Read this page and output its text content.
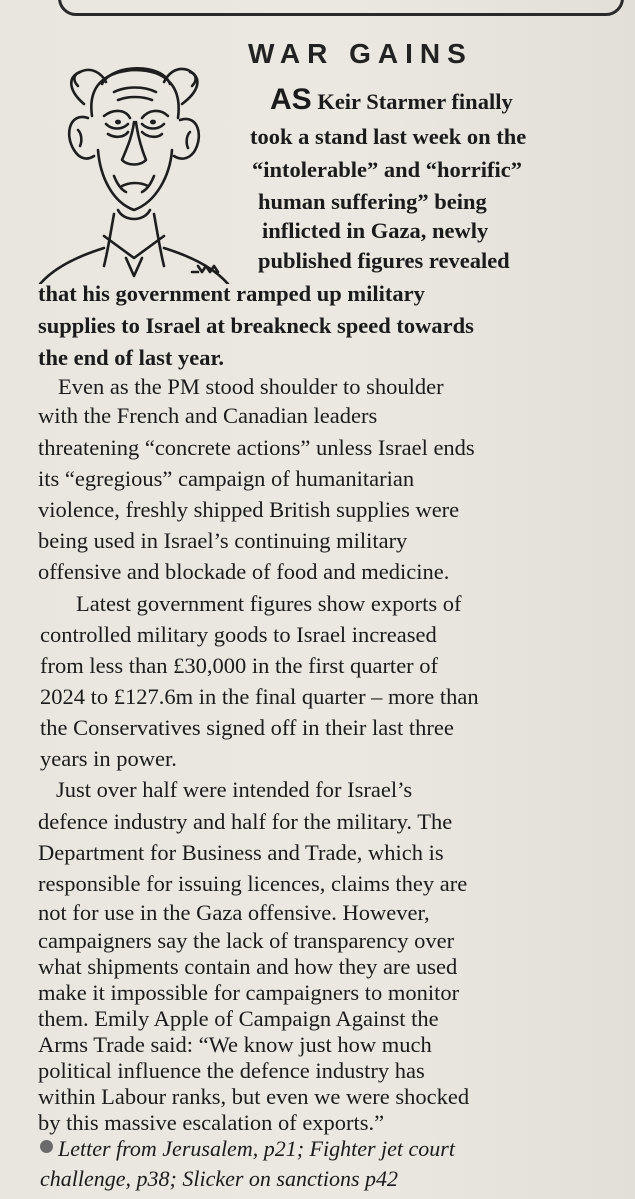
WAR GAINS
AS Keir Starmer finally
took a stand last week on the
“intolerable” and “horrific”
human suffering” being
inflicted in Gaza, newly
published figures revealed
that his government ramped up military
supplies to Israel at breakneck speed towards
the end of last year.
Even as the PM stood shoulder to shoulder
with the French and Canadian leaders
threatening “concrete actions” unless Israel ends
its “egregious” campaign of humanitarian
violence, freshly shipped British supplies were
being used in Israel’s continuing military
offensive and blockade of food and medicine.
Latest government figures show exports of
controlled military goods to Israel increased
from less than £30,000 in the first quarter of
2024 to £127.6m in the final quarter – more than
the Conservatives signed off in their last three
years in power.
Just over half were intended for Israel’s
defence industry and half for the military. The
Department for Business and Trade, which is
responsible for issuing licences, claims they are
not for use in the Gaza offensive. However,
campaigners say the lack of transparency over
what shipments contain and how they are used
make it impossible for campaigners to monitor
them. Emily Apple of Campaign Against the
Arms Trade said: “We know just how much
political influence the defence industry has
within Labour ranks, but even we were shocked
by this massive escalation of exports.”
Letter from Jerusalem, p21; Fighter jet court
challenge, p38; Slicker on sanctions p42
